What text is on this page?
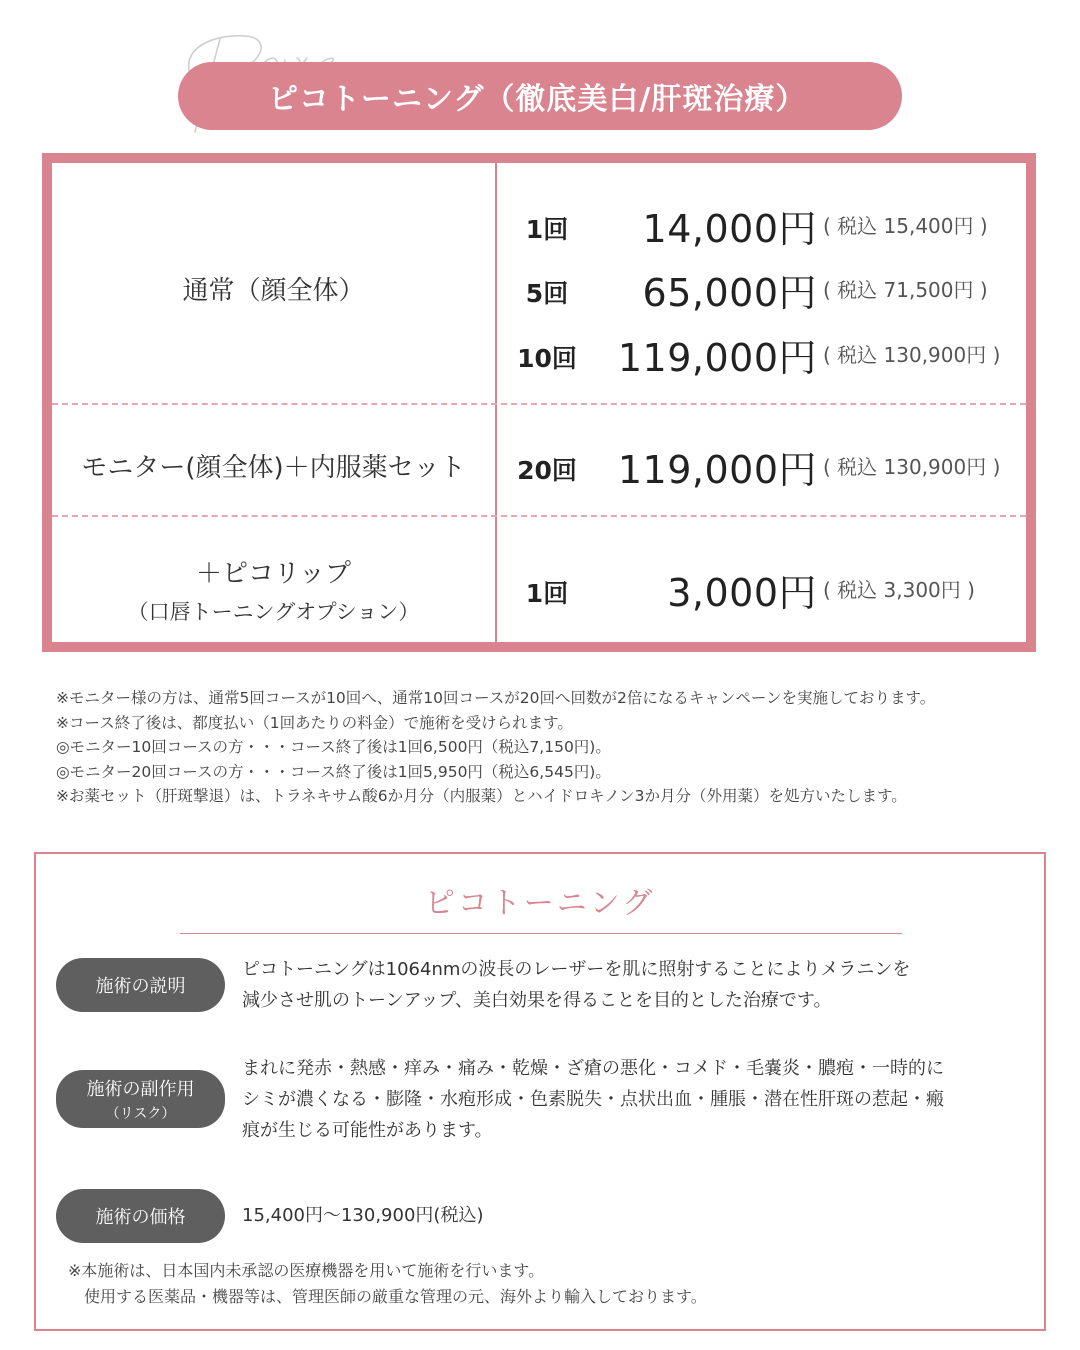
ピコトーニング（徹底美白/肝斑治療）
通常（顔全体）
1回	14,000円 ( 税込 15,400円 )
5回	65,000円 ( 税込 71,500円 )
10回	119,000円 ( 税込 130,900円 )
モニター(顔全体)＋内服薬セット	20回	119,000円 ( 税込 130,900円 )
＋ピコリップ
（口唇トーニングオプション）
1回	3,000円 ( 税込 3,300円 )
※モニター様の方は、通常5回コースが10回へ、通常10回コースが20回へ回数が2倍になるキャンペーンを実施しております。
※コース終了後は、都度払い（1回あたりの料金）で施術を受けられます。
◎モニター10回コースの方・・・コース終了後は1回6,500円（税込7,150円)。
◎モニター20回コースの方・・・コース終了後は1回5,950円（税込6,545円)。
※お薬セット（肝斑撃退）は、トラネキサム酸6か月分（内服薬）とハイドロキノン3か月分（外用薬）を処方いたします。
ピコトーニング
施術の説明
ピコトーニングは1064nmの波長のレーザーを肌に照射することによりメラニンを
減少させ肌のトーンアップ、美白効果を得ることを目的とした治療です。
施術の副作用
（リスク）
まれに発赤・熱感・痒み・痛み・乾燥・ざ瘡の悪化・コメド・毛嚢炎・膿疱・一時的に
シミが濃くなる・膨隆・水疱形成・色素脱失・点状出血・腫脹・潜在性肝斑の惹起・瘢
痕が生じる可能性があります。
施術の価格	15,400円〜130,900円(税込)
※本施術は、日本国内未承認の医療機器を用いて施術を行います。
　使用する医薬品・機器等は、管理医師の厳重な管理の元、海外より輸入しております。
